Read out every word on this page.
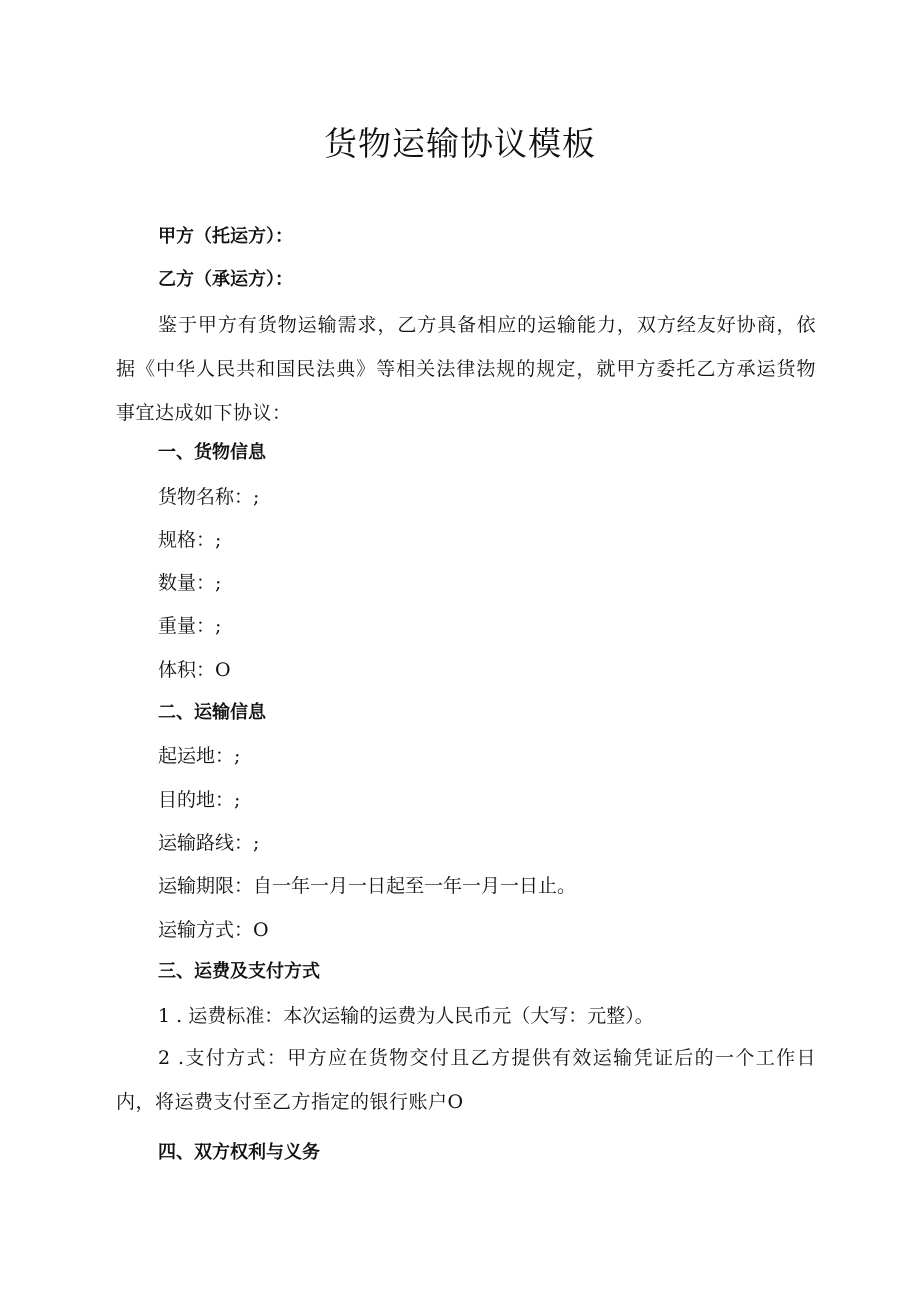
货物运输协议模板

甲方（托运方）：

乙方（承运方）：

鉴于甲方有货物运输需求，乙方具备相应的运输能力，双方经友好协商，依据《中华人民共和国民法典》等相关法律法规的规定，就甲方委托乙方承运货物事宜达成如下协议：

一、货物信息

货物名称：;

规格：;

数量：;

重量：;

体积：O

二、运输信息

起运地：;

目的地：;

运输路线：;

运输期限：自一年一月一日起至一年一月一日止。

运输方式：O

三、运费及支付方式

1 . 运费标准：本次运输的运费为人民币元（大写：元整）。

2 .支付方式：甲方应在货物交付且乙方提供有效运输凭证后的一个工作日内，将运费支付至乙方指定的银行账户O

四、双方权利与义务
